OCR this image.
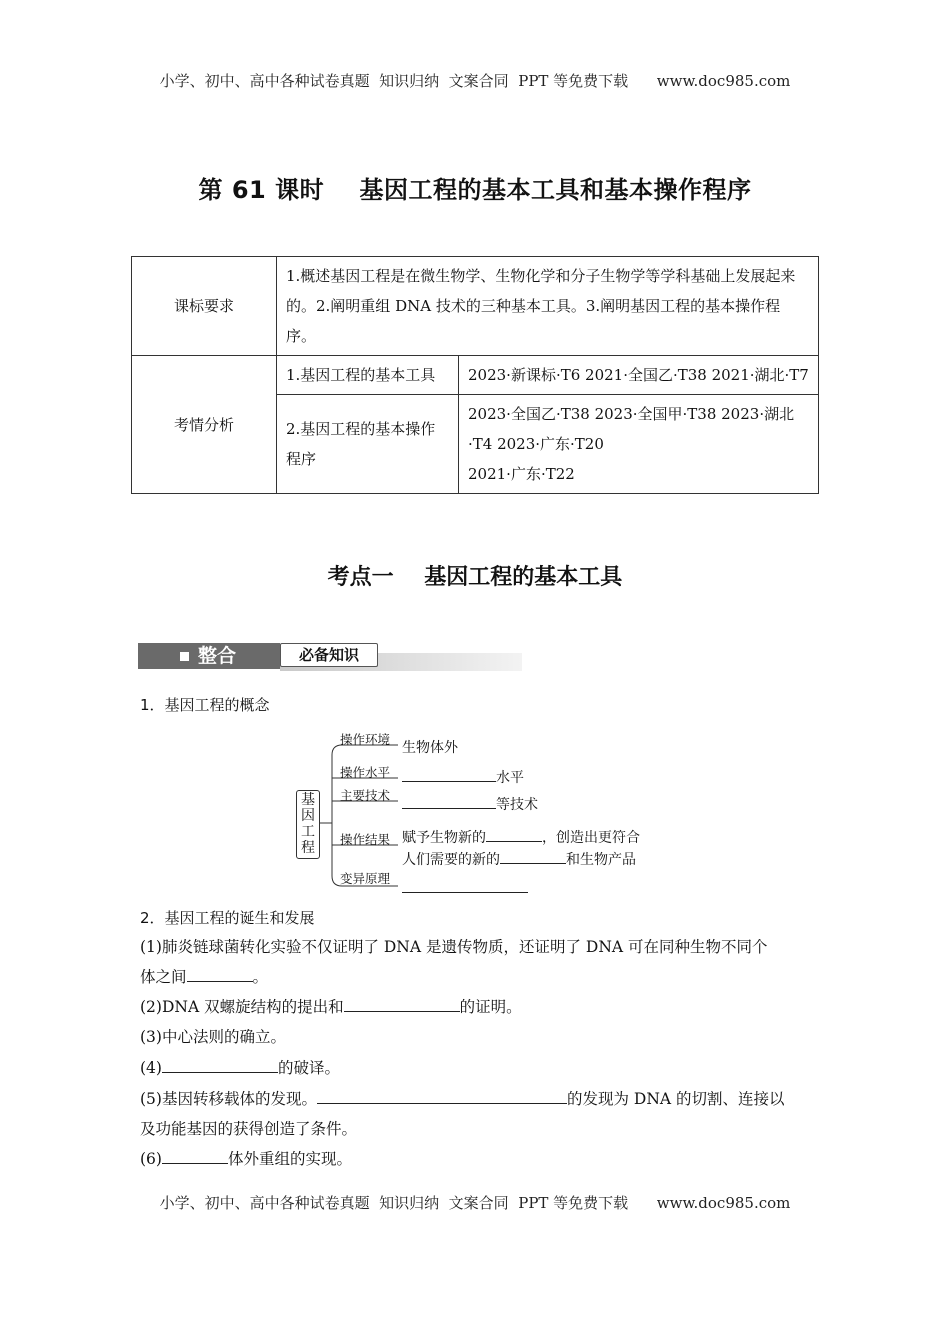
小学、初中、高中各种试卷真题  知识归纳  文案合同  PPT 等免费下载      www.doc985.com
第 61 课时    基因工程的基本工具和基本操作程序
课标要求	1.概述基因工程是在微生物学、生物化学和分子生物学等学科基础上发展起来的。2.阐明重组 DNA 技术的三种基本工具。3.阐明基因工程的基本操作程序。	
考情分析	1.基因工程的基本工具	2023·新课标·T6 2021·全国乙·T38 2021·湖北·T7
	2.基因工程的基本操作程序	2023·全国乙·T38 2023·全国甲·T38 2023·湖北·T4 2023·广东·T20
2021·广东·T22
考点一    基因工程的基本工具
整合	必备知识
1．基因工程的概念
基
因
工
程
操作环境
生物体外
操作水平	水平
主要技术
等技术
操作结果 赋予生物新的	，创造出更符合
人们需要的新的	和生物产品
变异原理
2．基因工程的诞生和发展
(1)肺炎链球菌转化实验不仅证明了 DNA 是遗传物质，还证明了 DNA 可在同种生物不同个
体之间	。
(2)DNA 双螺旋结构的提出和	的证明。
(3)中心法则的确立。
(4)	的破译。
(5)基因转移载体的发现。	的发现为 DNA 的切割、连接以
及功能基因的获得创造了条件。
(6)	体外重组的实现。
小学、初中、高中各种试卷真题  知识归纳  文案合同  PPT 等免费下载      www.doc985.com
